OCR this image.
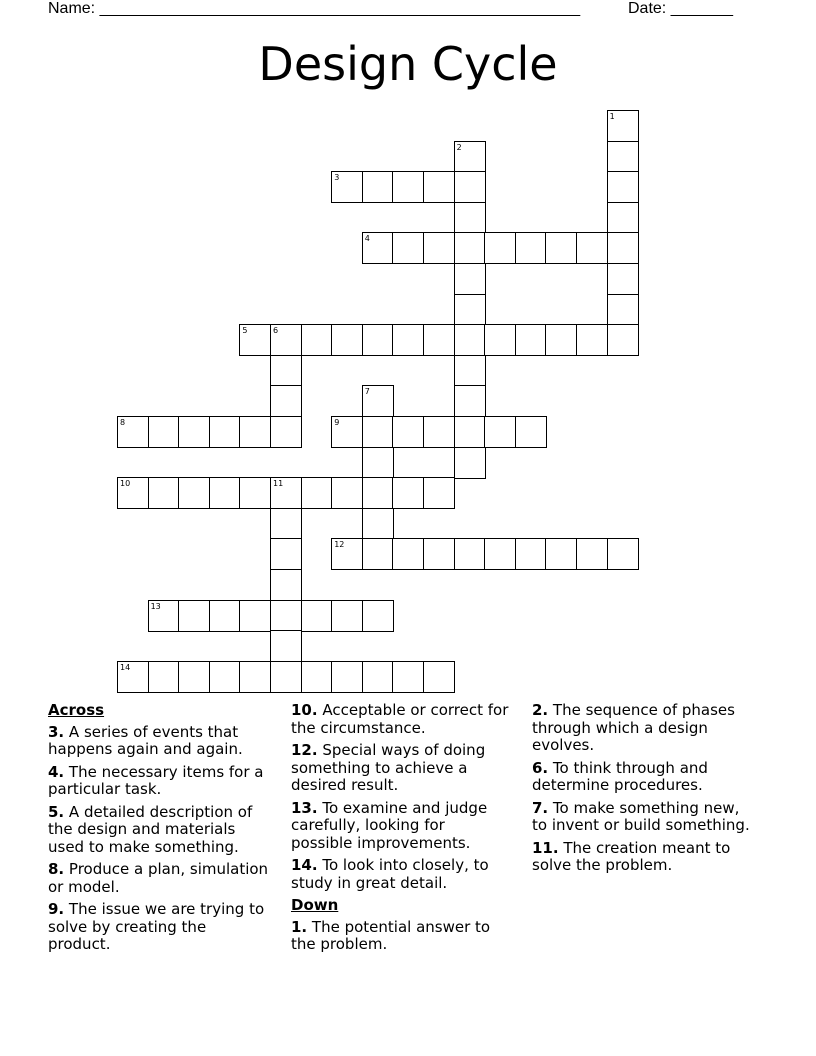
Name: ______________________________________________________

	Date: _______

Design Cycle
1
2
3
4
5	6
7
8	9
10	11
12
13
14
Across
3. A series of events that happens again and again.
4. The necessary items for a particular task.
5. A detailed description of the design and materials used to make something.
8. Produce a plan, simulation or model.
9. The issue we are trying to solve by creating the product.
10. Acceptable or correct for the circumstance.
12. Special ways of doing something to achieve a desired result.
13. To examine and judge carefully, looking for possible improvements.
14. To look into closely, to study in great detail.
Down
1. The potential answer to the problem.
2. The sequence of phases through which a design evolves.
6. To think through and determine procedures.
7. To make something new, to invent or build something.
11. The creation meant to solve the problem.
